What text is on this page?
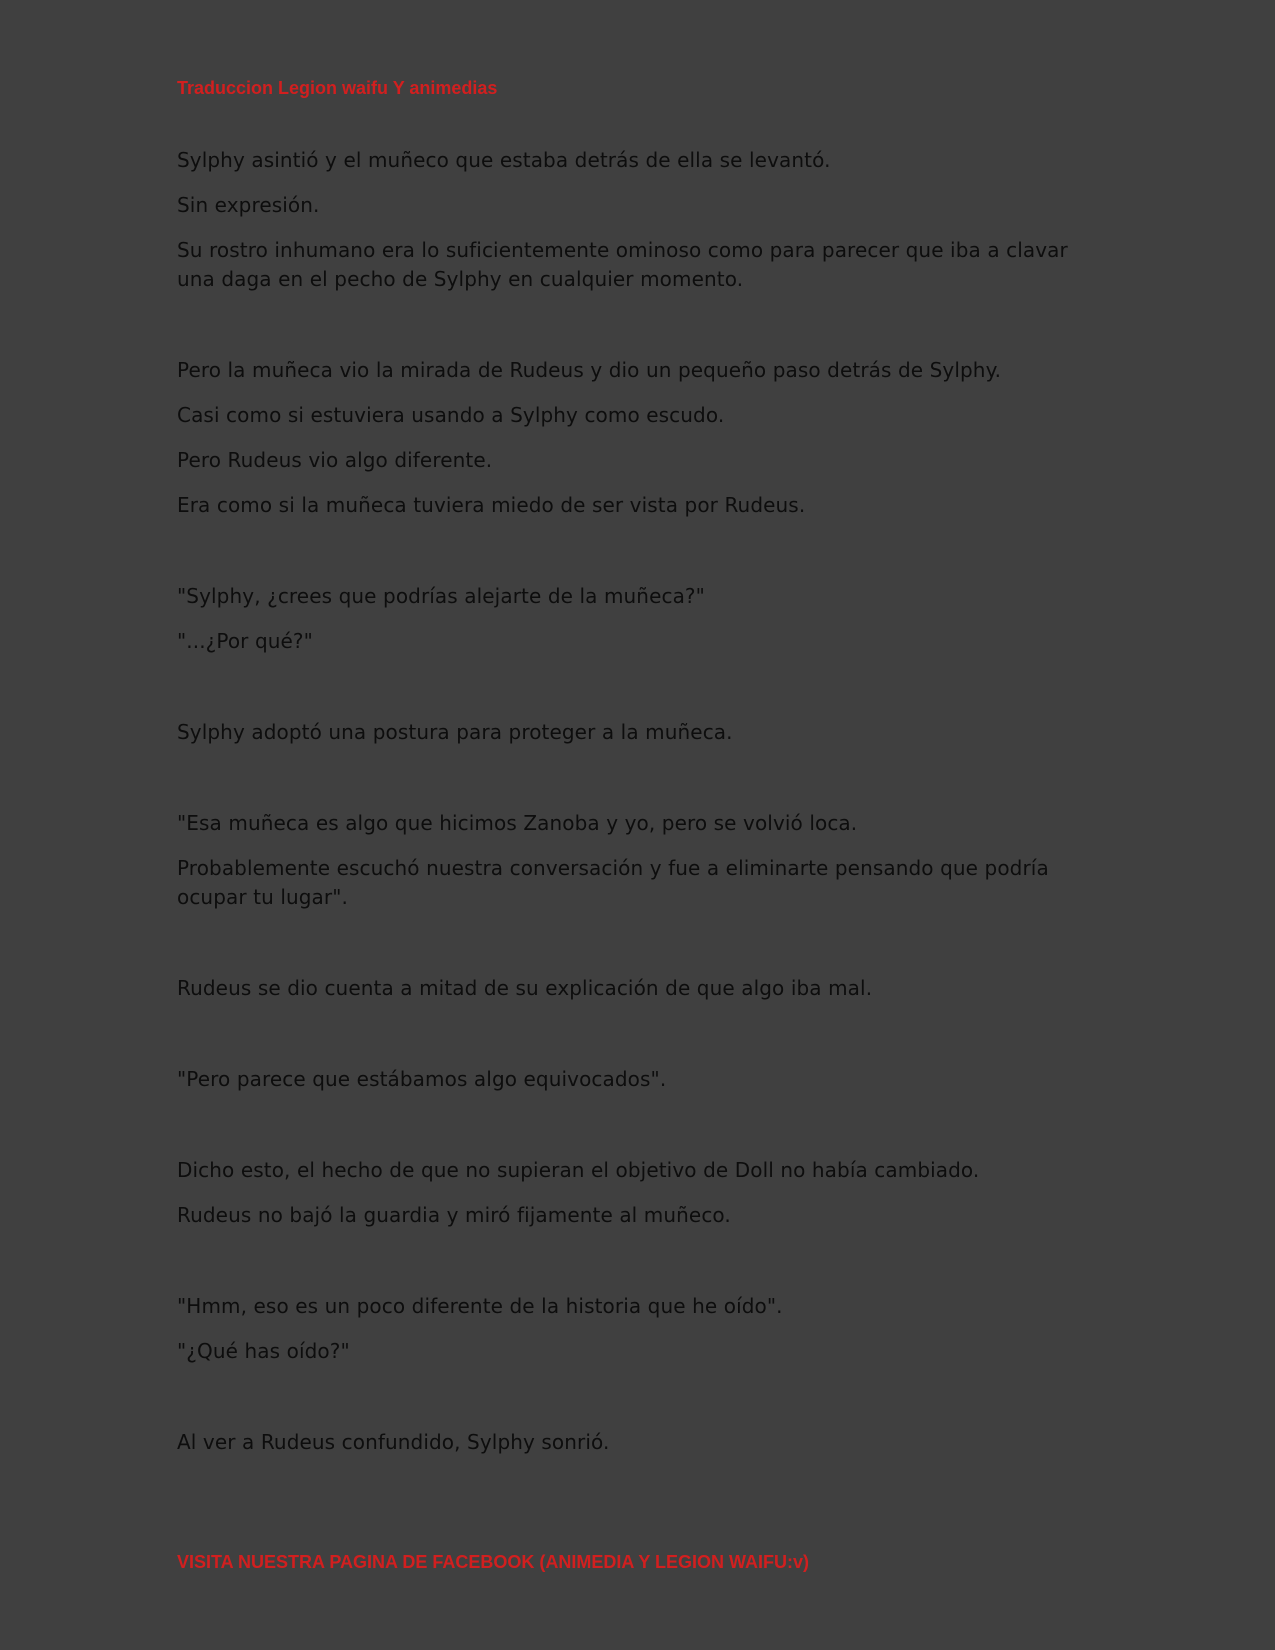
Traduccion Legion waifu Y animedias

Sylphy asintió y el muñeco que estaba detrás de ella se levantó.

Sin expresión.

Su rostro inhumano era lo suficientemente ominoso como para parecer que iba a clavar una daga en el pecho de Sylphy en cualquier momento.

Pero la muñeca vio la mirada de Rudeus y dio un pequeño paso detrás de Sylphy.

Casi como si estuviera usando a Sylphy como escudo.

Pero Rudeus vio algo diferente.

Era como si la muñeca tuviera miedo de ser vista por Rudeus.

"Sylphy, ¿crees que podrías alejarte de la muñeca?"

"...¿Por qué?"

Sylphy adoptó una postura para proteger a la muñeca.

"Esa muñeca es algo que hicimos Zanoba y yo, pero se volvió loca.

Probablemente escuchó nuestra conversación y fue a eliminarte pensando que podría ocupar tu lugar".

Rudeus se dio cuenta a mitad de su explicación de que algo iba mal.

"Pero parece que estábamos algo equivocados".

Dicho esto, el hecho de que no supieran el objetivo de Doll no había cambiado.

Rudeus no bajó la guardia y miró fijamente al muñeco.

"Hmm, eso es un poco diferente de la historia que he oído".

"¿Qué has oído?"

Al ver a Rudeus confundido, Sylphy sonrió.

VISITA NUESTRA PAGINA DE FACEBOOK (ANIMEDIA Y LEGION WAIFU:v)
